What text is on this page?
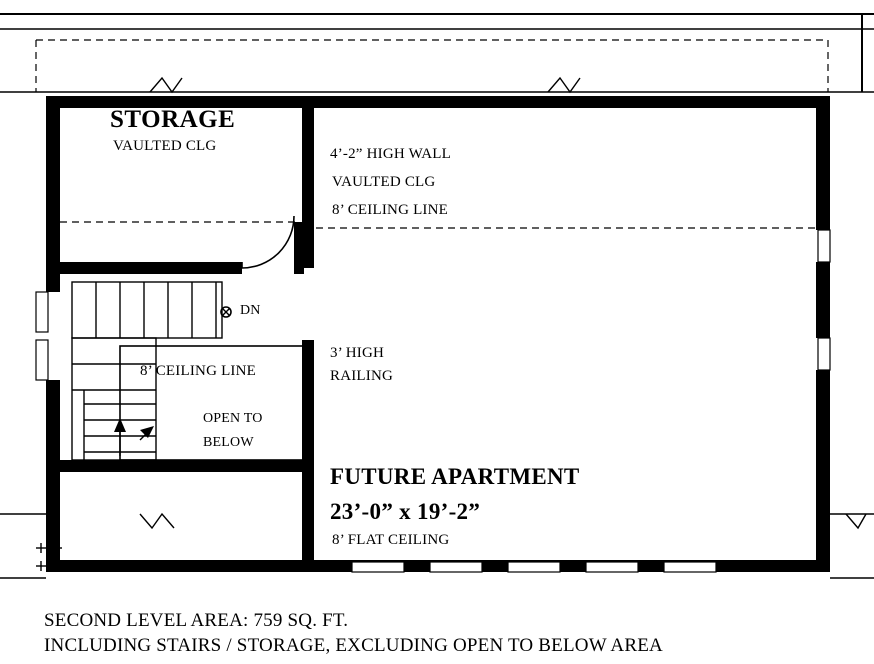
STORAGE
VAULTED CLG	4’-2” HIGH WALL
VAULTED CLG
8’ CEILING LINE
DN
8’ CEILING LINE
3’ HIGH
RAILING
OPEN TO
BELOW
FUTURE APARTMENT
23’-0” x 19’-2”
8’ FLAT CEILING
SECOND LEVEL AREA: 759 SQ. FT.
INCLUDING STAIRS / STORAGE, EXCLUDING OPEN TO BELOW AREA
